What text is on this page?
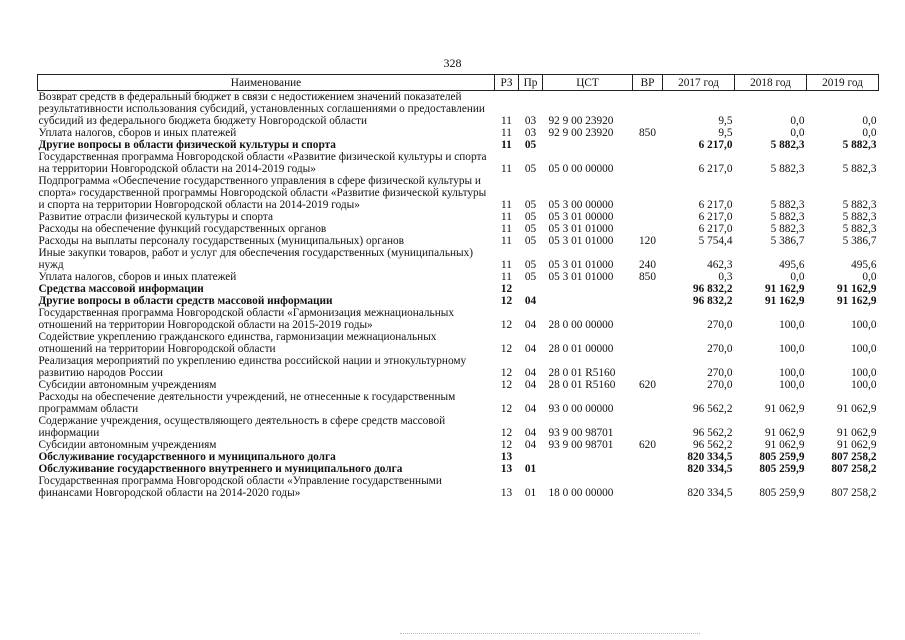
328
Наименование	РЗ	Пр	ЦСТ	ВР	2017 год	2018 год	2019 год
Возврат средств в федеральный бюджет в связи с недостижением значений показателей результативности использования субсидий, установленных соглашениями о предоставлении субсидий из федерального бюджета бюджету Новгородской области	11	03	92 9 00 23920		9,5	0,0	0,0
Уплата налогов, сборов и иных платежей	11	03	92 9 00 23920	850	9,5	0,0	0,0
Другие вопросы в области физической культуры и спорта	11	05			6 217,0	5 882,3	5 882,3
Государственная программа Новгородской области «Развитие физической культуры и спорта на территории Новгородской области на 2014-2019 годы»	11	05	05 0 00 00000		6 217,0	5 882,3	5 882,3
Подпрограмма «Обеспечение государственного управления в сфере физической культуры и спорта» государственной программы Новгородской области «Развитие физической культуры и спорта на территории Новгородской области на 2014-2019 годы»	11	05	05 3 00 00000		6 217,0	5 882,3	5 882,3
Развитие отрасли физической культуры и спорта	11	05	05 3 01 00000		6 217,0	5 882,3	5 882,3
Расходы на обеспечение функций государственных органов	11	05	05 3 01 01000		6 217,0	5 882,3	5 882,3
Расходы на выплаты персоналу государственных (муниципальных) органов	11	05	05 3 01 01000	120	5 754,4	5 386,7	5 386,7
Иные закупки товаров, работ и услуг для обеспечения государственных (муниципальных) нужд	11	05	05 3 01 01000	240	462,3	495,6	495,6
Уплата налогов, сборов и иных платежей	11	05	05 3 01 01000	850	0,3	0,0	0,0
Средства массовой информации	12				96 832,2	91 162,9	91 162,9
Другие вопросы в области средств массовой информации	12	04			96 832,2	91 162,9	91 162,9
Государственная программа Новгородской области «Гармонизация межнациональных отношений на территории Новгородской области на 2015-2019 годы»	12	04	28 0 00 00000		270,0	100,0	100,0
Содействие укреплению гражданского единства, гармонизации межнациональных отношений на территории Новгородской области	12	04	28 0 01 00000		270,0	100,0	100,0
Реализация мероприятий по укреплению единства российской нации и этнокультурному развитию народов России	12	04	28 0 01 R5160		270,0	100,0	100,0
Субсидии автономным учреждениям	12	04	28 0 01 R5160	620	270,0	100,0	100,0
Расходы на обеспечение деятельности учреждений, не отнесенные к государственным программам области	12	04	93 0 00 00000		96 562,2	91 062,9	91 062,9
Содержание учреждения, осуществляющего деятельность в сфере средств массовой информации	12	04	93 9 00 98701		96 562,2	91 062,9	91 062,9
Субсидии автономным учреждениям	12	04	93 9 00 98701	620	96 562,2	91 062,9	91 062,9
Обслуживание государственного и муниципального долга	13				820 334,5	805 259,9	807 258,2
Обслуживание государственного внутреннего и муниципального долга	13	01			820 334,5	805 259,9	807 258,2
Государственная программа Новгородской области «Управление государственными финансами Новгородской области на 2014-2020 годы»	13	01	18 0 00 00000		820 334,5	805 259,9	807 258,2
